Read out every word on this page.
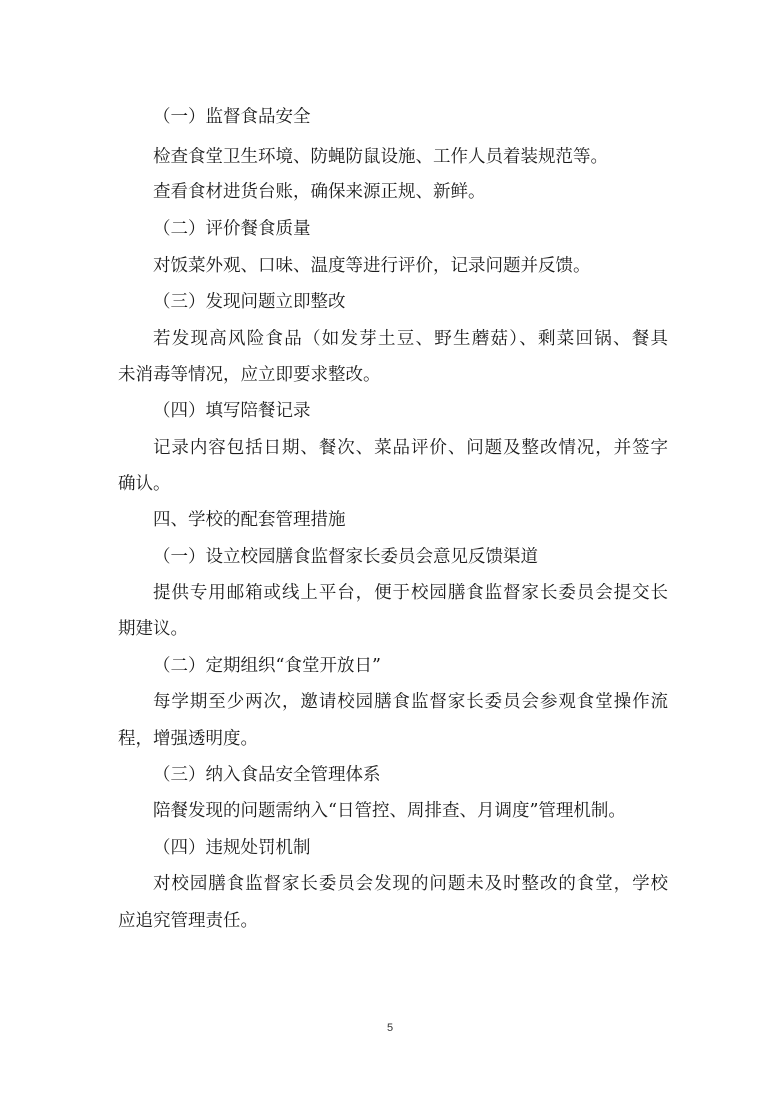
（一）监督食品安全
检查食堂卫生环境、防蝇防鼠设施、工作人员着装规范等。
查看食材进货台账，确保来源正规、新鲜。
（二）评价餐食质量
对饭菜外观、口味、温度等进行评价，记录问题并反馈。
（三）发现问题立即整改
若发现高风险食品（如发芽土豆、野生蘑菇）、剩菜回锅、餐具
未消毒等情况，应立即要求整改。
（四）填写陪餐记录
记录内容包括日期、餐次、菜品评价、问题及整改情况，并签字
确认。
四、学校的配套管理措施
（一）设立校园膳食监督家长委员会意见反馈渠道
提供专用邮箱或线上平台，便于校园膳食监督家长委员会提交长
期建议。
（二）定期组织“食堂开放日”
每学期至少两次，邀请校园膳食监督家长委员会参观食堂操作流
程，增强透明度。
（三）纳入食品安全管理体系
陪餐发现的问题需纳入“日管控、周排查、月调度”管理机制。
（四）违规处罚机制
对校园膳食监督家长委员会发现的问题未及时整改的食堂，学校
应追究管理责任。
5
